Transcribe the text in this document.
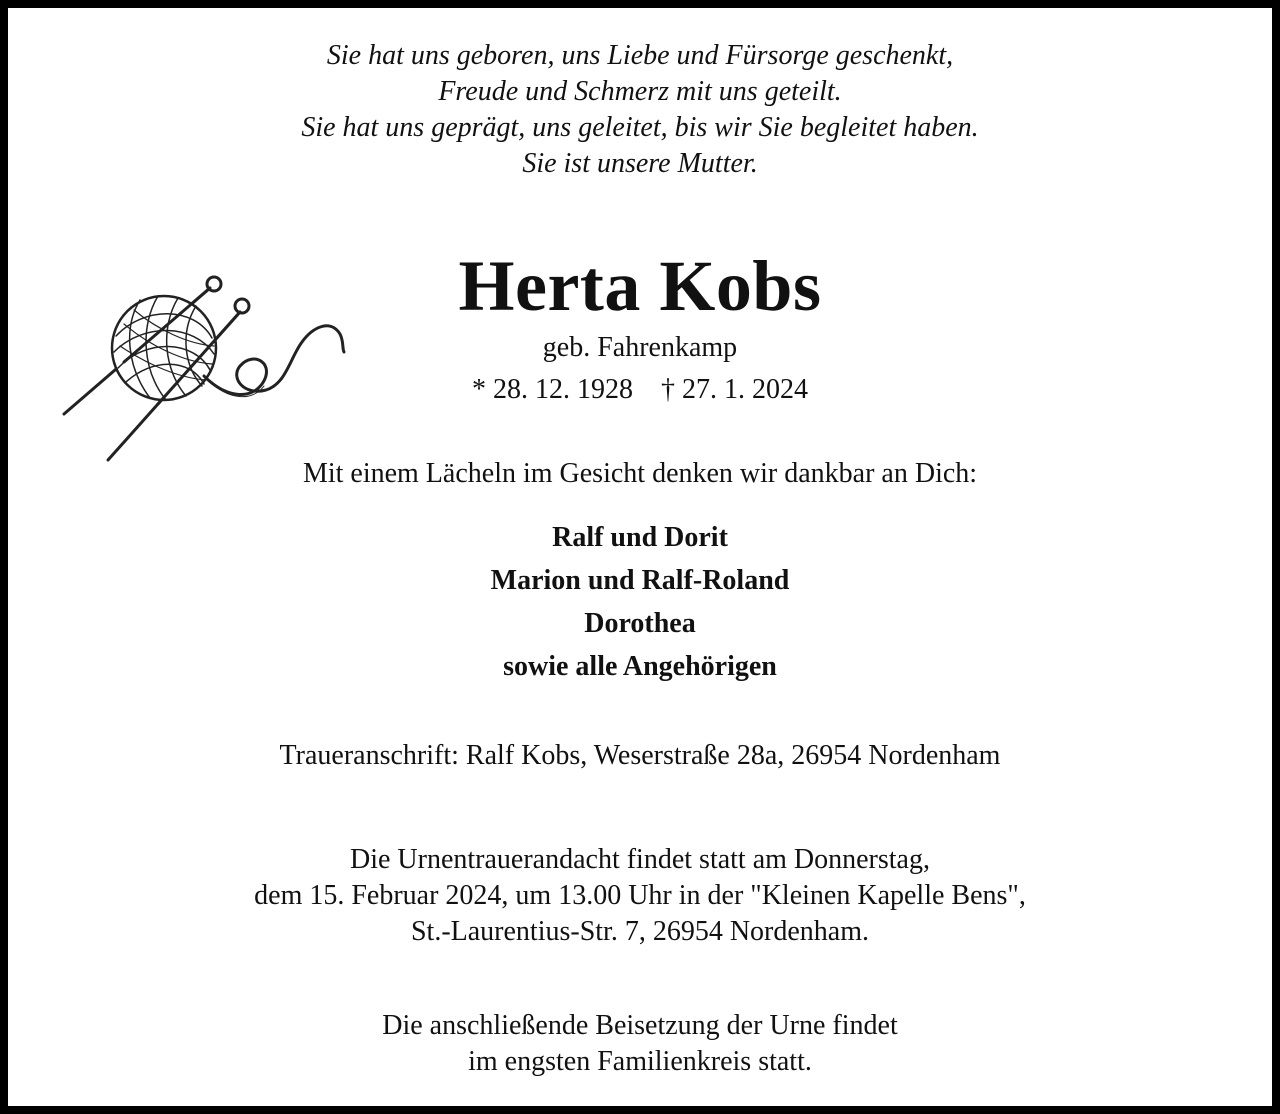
Sie hat uns geboren, uns Liebe und Fürsorge geschenkt,
Freude und Schmerz mit uns geteilt.
Sie hat uns geprägt, uns geleitet, bis wir Sie begleitet haben.
Sie ist unsere Mutter.
Herta Kobs
geb. Fahrenkamp
* 28. 12. 1928 † 27. 1. 2024
Mit einem Lächeln im Gesicht denken wir dankbar an Dich:
Ralf und Dorit
Marion und Ralf-Roland
Dorothea
sowie alle Angehörigen
Traueranschrift: Ralf Kobs, Weserstraße 28a, 26954 Nordenham
Die Urnentrauerandacht findet statt am Donnerstag,
dem 15. Februar 2024, um 13.00 Uhr in der "Kleinen Kapelle Bens",
St.-Laurentius-Str. 7, 26954 Nordenham.
Die anschließende Beisetzung der Urne findet
im engsten Familienkreis statt.
